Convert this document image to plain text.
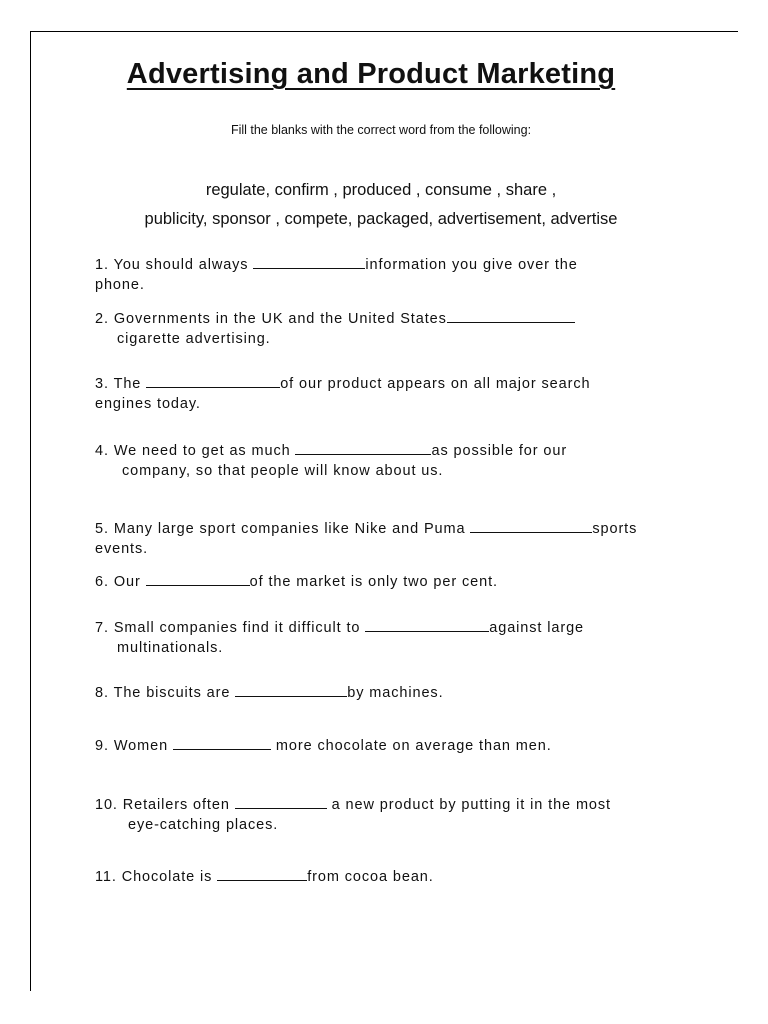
Advertising and Product Marketing
Fill the blanks with the correct word from the following:
regulate, confirm , produced , consume , share ,
publicity, sponsor , compete, packaged, advertisement, advertise
1. You should always	information you give over the
phone.
2. Governments in the UK and the United States
cigarette advertising.
3. The	of our product appears on all major search
engines today.
4. We need to get as much	as possible for our
company, so that people will know about us.
5. Many large sport companies like Nike and Puma	sports
events.
6. Our	of the market is only two per cent.
7. Small companies find it difficult to	against large
multinationals.
8. The biscuits are	by machines.
9. Women	more chocolate on average than men.
10. Retailers often	a new product by putting it in the most
eye-catching places.
11. Chocolate is	from cocoa bean.
